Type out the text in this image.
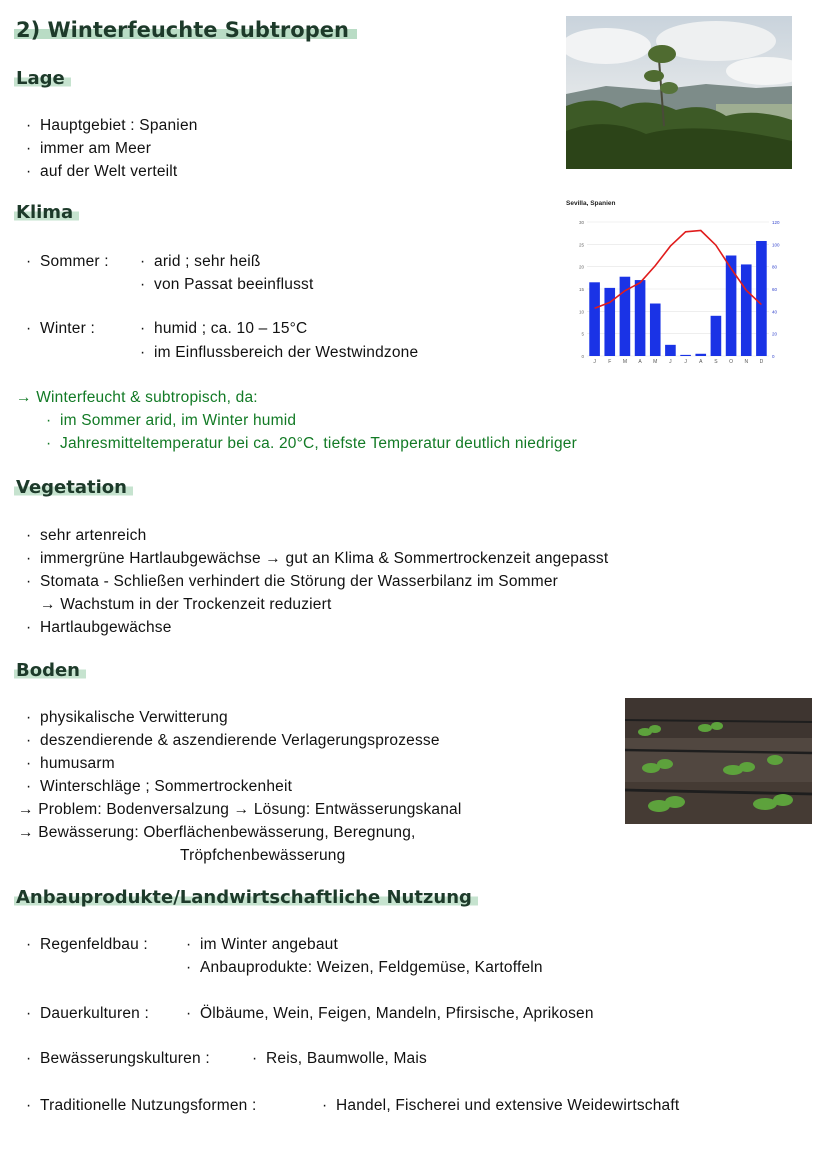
2) Winterfeuchte Subtropen
Lage
· Hauptgebiet : Spanien
· immer am Meer
· auf der Welt verteilt
Sevilla, Spanien
J F M A M J	J A S O N D
0	0
5	20
10	40
15	60
20	80
25	100
30	120
Klima
· Sommer : · arid ; sehr heiß
· von Passat beeinflusst
· Winter :	· humid ; ca. 10 – 15°C
· im Einflussbereich der Westwindzone
→ Winterfeucht & subtropisch, da:
· im Sommer arid, im Winter humid
· Jahresmitteltemperatur bei ca. 20°C, tiefste Temperatur deutlich niedriger
Vegetation
· sehr artenreich
· immergrüne Hartlaubgewächse → gut an Klima & Sommertrockenzeit angepasst
· Stomata - Schließen verhindert die Störung der Wasserbilanz im Sommer
→ Wachstum in der Trockenzeit reduziert
· Hartlaubgewächse
Boden
· physikalische Verwitterung
· deszendierende & aszendierende Verlagerungsprozesse
· humusarm
· Winterschläge ; Sommertrockenheit
→ Problem: Bodenversalzung → Lösung: Entwässerungskanal
→ Bewässerung: Oberflächenbewässerung, Beregnung,
Tröpfchenbewässerung
Anbauprodukte/Landwirtschaftliche Nutzung
· Regenfeldbau : · im Winter angebaut
· Anbauprodukte: Weizen, Feldgemüse, Kartoffeln
· Dauerkulturen : · Ölbäume, Wein, Feigen, Mandeln, Pfirsische, Aprikosen
· Bewässerungskulturen :	· Reis, Baumwolle, Mais
· Traditionelle Nutzungsformen :	· Handel, Fischerei und extensive Weidewirtschaft
